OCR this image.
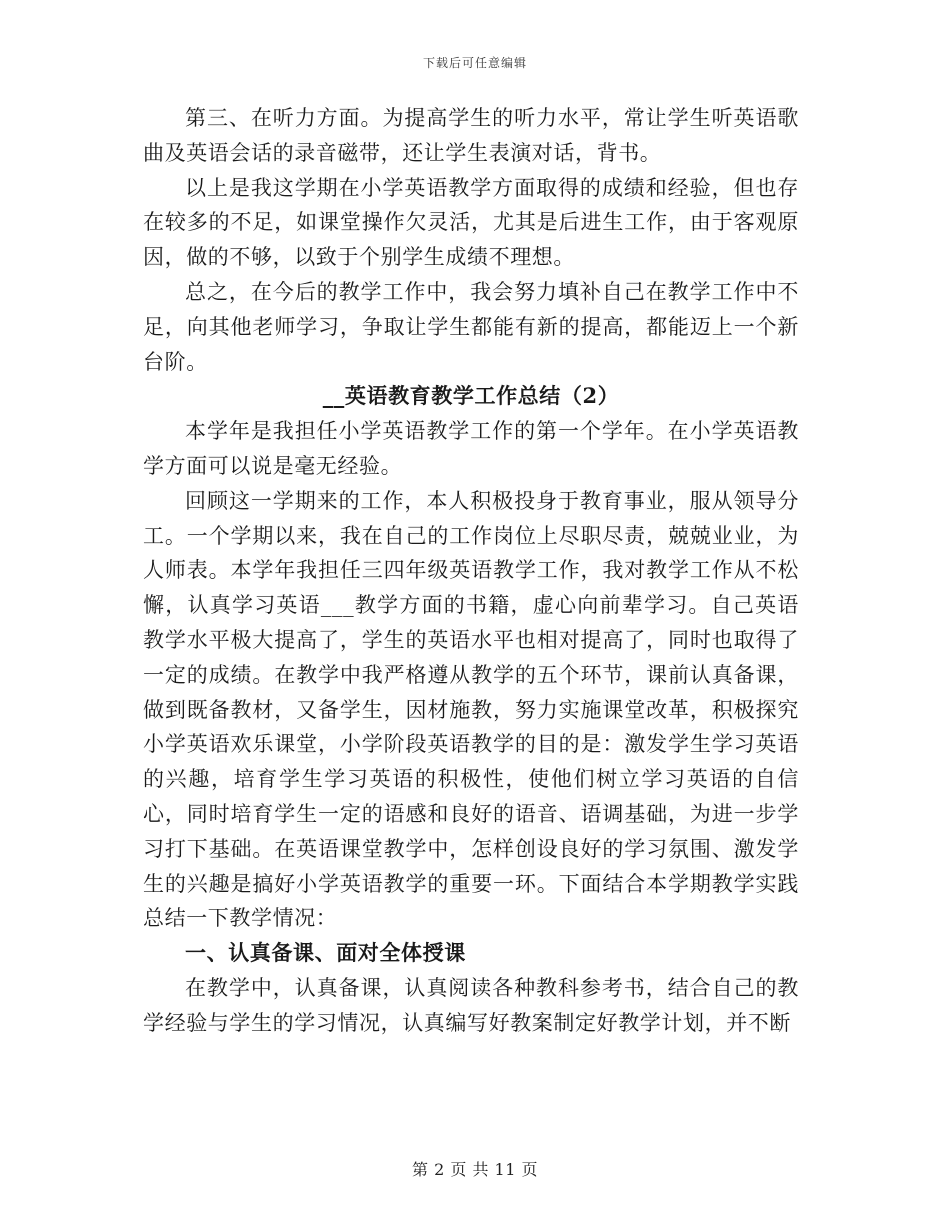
下载后可任意编辑

第三、在听力方面。为提高学生的听力水平，常让学生听英语歌曲及英语会话的录音磁带，还让学生表演对话，背书。

以上是我这学期在小学英语教学方面取得的成绩和经验，但也存在较多的不足，如课堂操作欠灵活，尤其是后进生工作，由于客观原因，做的不够，以致于个别学生成绩不理想。

总之，在今后的教学工作中，我会努力填补自己在教学工作中不足，向其他老师学习，争取让学生都能有新的提高，都能迈上一个新台阶。

__英语教育教学工作总结（2）

本学年是我担任小学英语教学工作的第一个学年。在小学英语教学方面可以说是毫无经验。

回顾这一学期来的工作，本人积极投身于教育事业，服从领导分工。一个学期以来，我在自己的工作岗位上尽职尽责，兢兢业业，为人师表。本学年我担任三四年级英语教学工作，我对教学工作从不松懈，认真学习英语___教学方面的书籍，虚心向前辈学习。自己英语教学水平极大提高了，学生的英语水平也相对提高了，同时也取得了一定的成绩。在教学中我严格遵从教学的五个环节，课前认真备课，做到既备教材，又备学生，因材施教，努力实施课堂改革，积极探究小学英语欢乐课堂，小学阶段英语教学的目的是：激发学生学习英语的兴趣，培育学生学习英语的积极性，使他们树立学习英语的自信心，同时培育学生一定的语感和良好的语音、语调基础，为进一步学习打下基础。在英语课堂教学中，怎样创设良好的学习氛围、激发学生的兴趣是搞好小学英语教学的重要一环。下面结合本学期教学实践总结一下教学情况：

一、认真备课、面对全体授课

在教学中，认真备课，认真阅读各种教科参考书，结合自己的教学经验与学生的学习情况，认真编写好教案制定好教学计划，并不断

第 2 页 共 11 页
